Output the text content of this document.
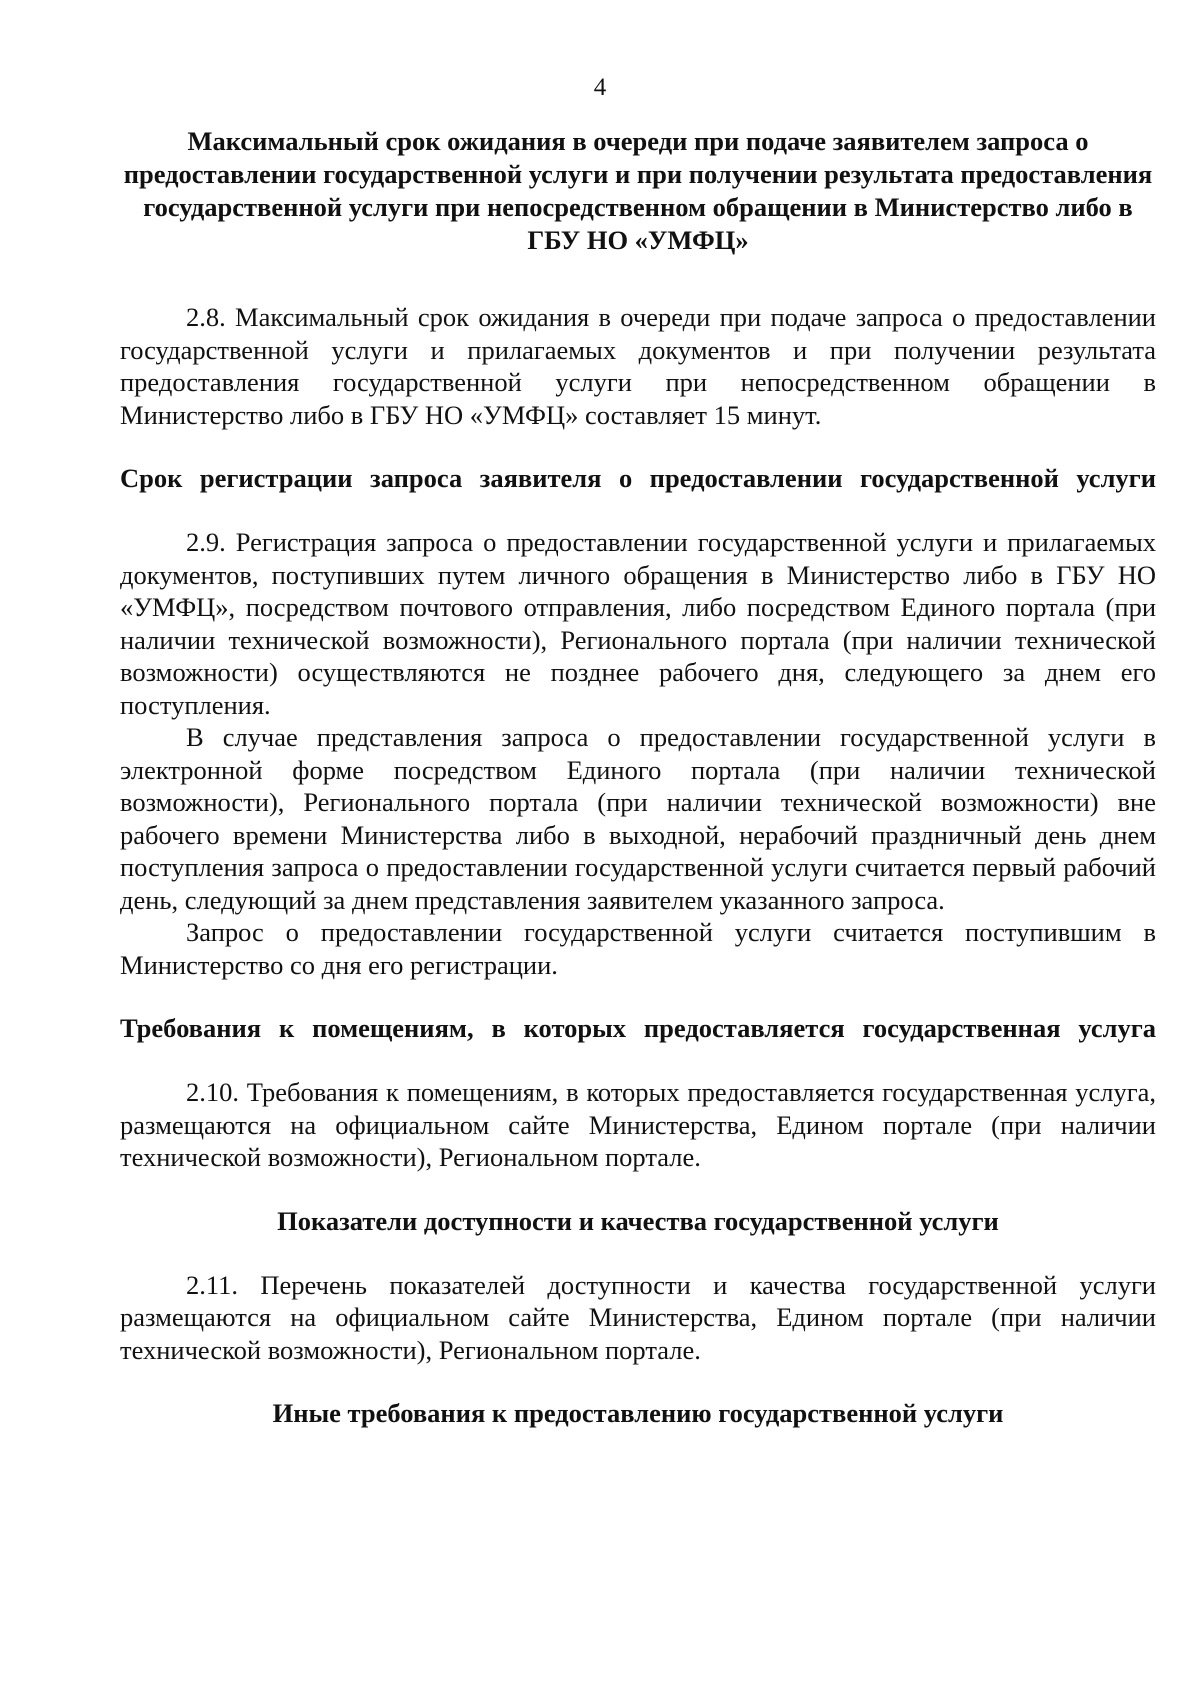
4

Максимальный срок ожидания в очереди при подаче заявителем запроса о предоставлении государственной услуги и при получении результата предоставления государственной услуги при непосредственном обращении в Министерство либо в ГБУ НО «УМФЦ»

2.8. Максимальный срок ожидания в очереди при подаче запроса о предоставлении государственной услуги и прилагаемых документов и при получении результата предоставления государственной услуги при непосредственном обращении в Министерство либо в ГБУ НО «УМФЦ» составляет 15 минут.

Срок регистрации запроса заявителя о предоставлении государственной услуги

2.9. Регистрация запроса о предоставлении государственной услуги и прилагаемых документов, поступивших путем личного обращения в Министерство либо в ГБУ НО «УМФЦ», посредством почтового отправления, либо посредством Единого портала (при наличии технической возможности), Регионального портала (при наличии технической возможности) осуществляются не позднее рабочего дня, следующего за днем его поступления.

В случае представления запроса о предоставлении государственной услуги в электронной форме посредством Единого портала (при наличии технической возможности), Регионального портала (при наличии технической возможности) вне рабочего времени Министерства либо в выходной, нерабочий праздничный день днем поступления запроса о предоставлении государственной услуги считается первый рабочий день, следующий за днем представления заявителем указанного запроса.

Запрос о предоставлении государственной услуги считается поступившим в Министерство со дня его регистрации.

Требования к помещениям, в которых предоставляется государственная услуга

2.10. Требования к помещениям, в которых предоставляется государственная услуга, размещаются на официальном сайте Министерства, Едином портале (при наличии технической возможности), Региональном портале.

Показатели доступности и качества государственной услуги

2.11. Перечень показателей доступности и качества государственной услуги размещаются на официальном сайте Министерства, Едином портале (при наличии технической возможности), Региональном портале.

Иные требования к предоставлению государственной услуги
